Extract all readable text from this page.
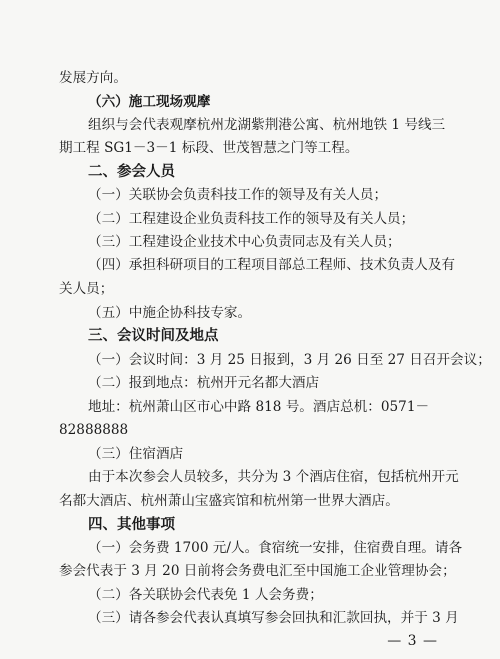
发展方向。
（六）施工现场观摩
组织与会代表观摩杭州龙湖紫荆港公寓、杭州地铁 1 号线三
期工程 SG1－3－1 标段、世茂智慧之门等工程。
二、参会人员
（一）关联协会负责科技工作的领导及有关人员；
（二）工程建设企业负责科技工作的领导及有关人员；
（三）工程建设企业技术中心负责同志及有关人员；
（四）承担科研项目的工程项目部总工程师、技术负责人及有
关人员；
（五）中施企协科技专家。
三、会议时间及地点
（一）会议时间：3 月 25 日报到，3 月 26 日至 27 日召开会议；
（二）报到地点：杭州开元名都大酒店
地址：杭州萧山区市心中路 818 号。酒店总机：0571－
82888888
（三）住宿酒店
由于本次参会人员较多，共分为 3 个酒店住宿，包括杭州开元
名都大酒店、杭州萧山宝盛宾馆和杭州第一世界大酒店。
四、其他事项
（一）会务费 1700 元/人。食宿统一安排，住宿费自理。请各
参会代表于 3 月 20 日前将会务费电汇至中国施工企业管理协会；
（二）各关联协会代表免 1 人会务费；
（三）请各参会代表认真填写参会回执和汇款回执，并于 3 月
— 3 —
